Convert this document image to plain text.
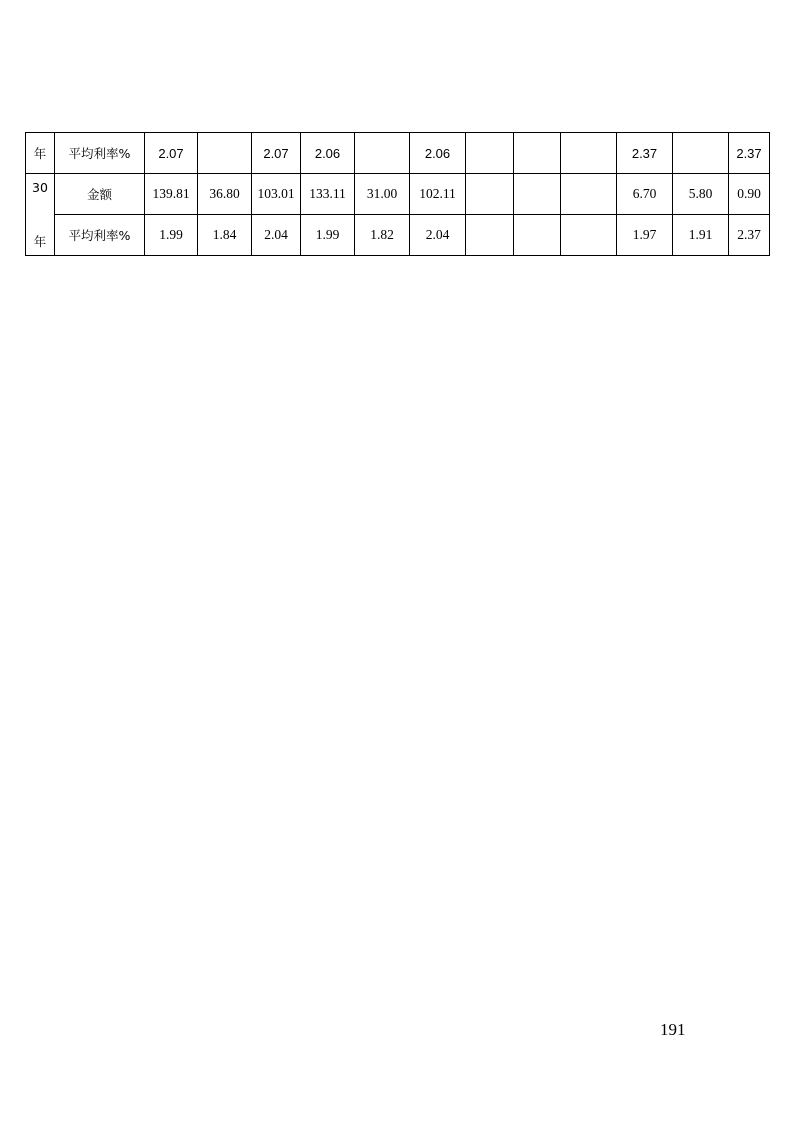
年	平均利率%	2.07		2.07	2.06		2.06				2.37		2.37

30
年	金额	139.81	36.80	103.01	133.11	31.00	102.11				6.70	5.80	0.90
	平均利率%	1.99	1.84	2.04	1.99	1.82	2.04				1.97	1.91	2.37
191
